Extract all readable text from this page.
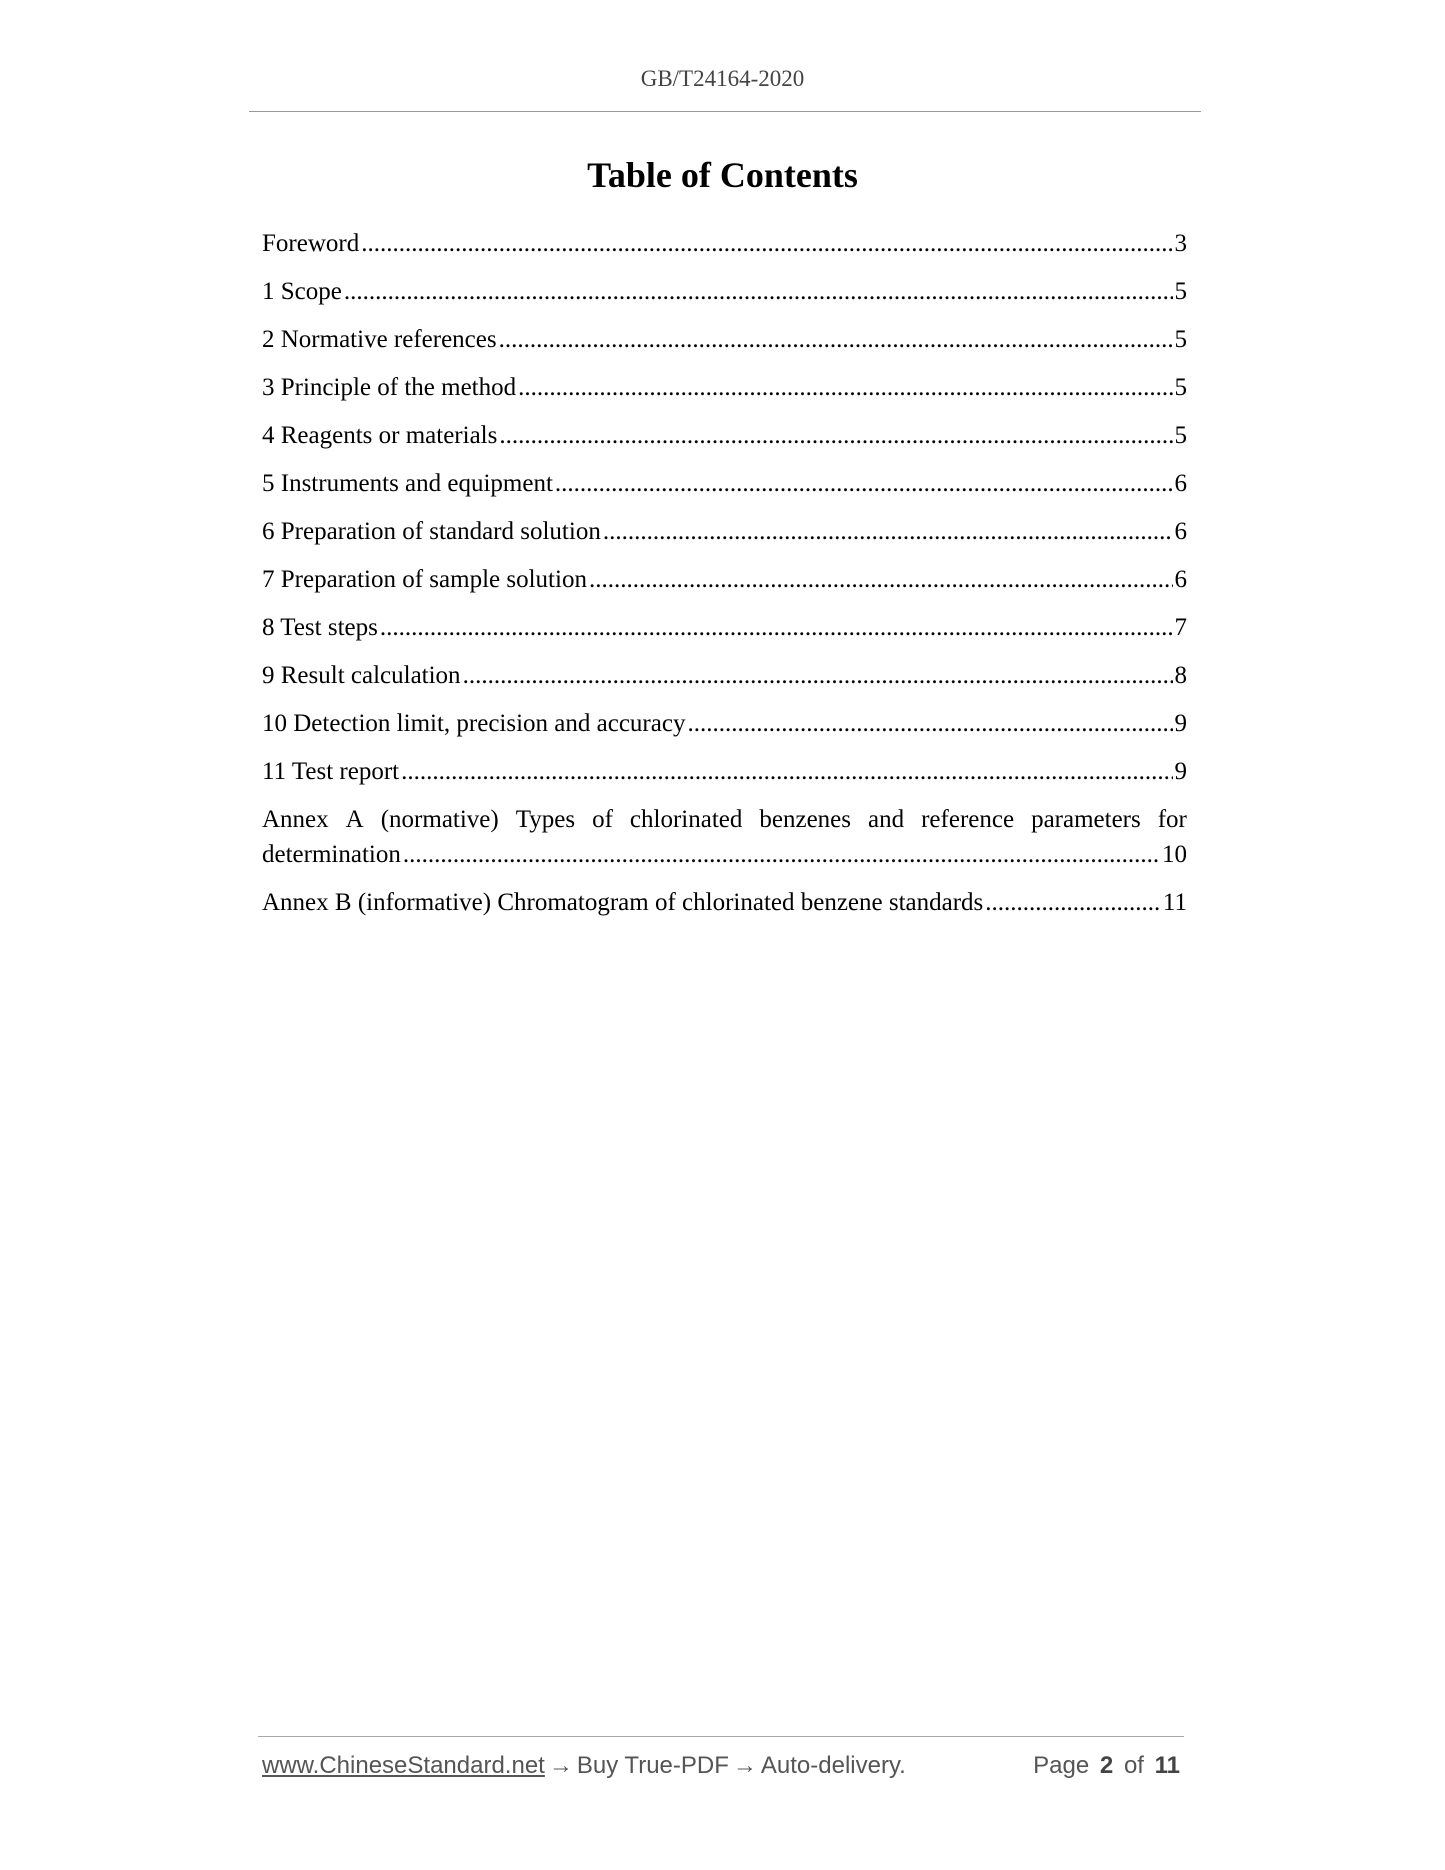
GB/T24164-2020
Table of Contents
Foreword .....	3
1 Scope .....	5
2 Normative references .....	5
3 Principle of the method .....	5
4 Reagents or materials .....	5
5 Instruments and equipment .....	6
6 Preparation of standard solution .....	6
7 Preparation of sample solution .....	6
8 Test steps .....	7
9 Result calculation .....	8
10 Detection limit, precision and accuracy .....	9
11 Test report .....	9
Annex A (normative) Types of chlorinated benzenes and reference parameters for
determination .....	10
Annex B (informative) Chromatogram of chlorinated benzene standards .....	11
www.ChineseStandard.net → Buy True-PDF → Auto-delivery.	Page 2 of 11
